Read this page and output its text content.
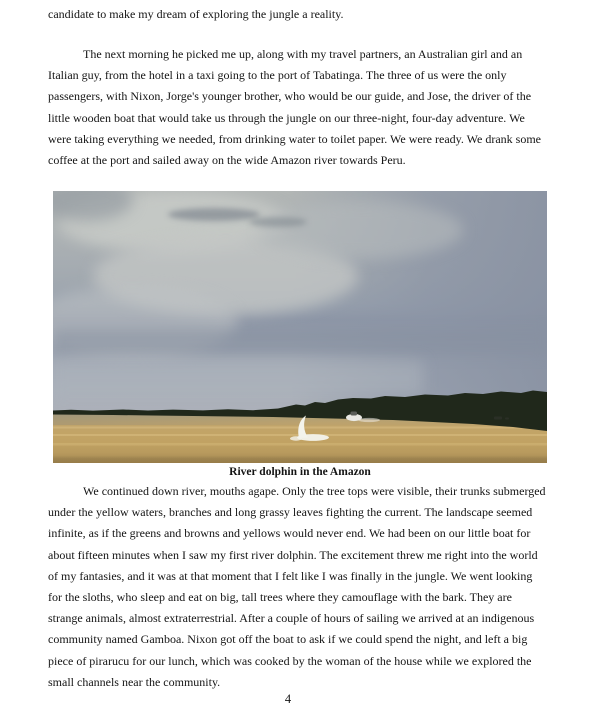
candidate to make my dream of exploring the jungle a reality.
The next morning he picked me up, along with my travel partners, an Australian girl and an
Italian guy, from the hotel in a taxi going to the port of Tabatinga. The three of us were the only
passengers, with Nixon, Jorge's younger brother, who would be our guide, and Jose, the driver of the
little wooden boat that would take us through the jungle on our three-night, four-day adventure. We
were taking everything we needed, from drinking water to toilet paper. We were ready. We drank some
coffee at the port and sailed away on the wide Amazon river towards Peru.
River dolphin in the Amazon
We continued down river, mouths agape. Only the tree tops were visible, their trunks submerged
under the yellow waters, branches and long grassy leaves fighting the current. The landscape seemed
infinite, as if the greens and browns and yellows would never end. We had been on our little boat for
about fifteen minutes when I saw my first river dolphin. The excitement threw me right into the world
of my fantasies, and it was at that moment that I felt like I was finally in the jungle. We went looking
for the sloths, who sleep and eat on big, tall trees where they camouflage with the bark. They are
strange animals, almost extraterrestrial. After a couple of hours of sailing we arrived at an indigenous
community named Gamboa. Nixon got off the boat to ask if we could spend the night, and left a big
piece of pirarucu for our lunch, which was cooked by the woman of the house while we explored the
small channels near the community.
4
